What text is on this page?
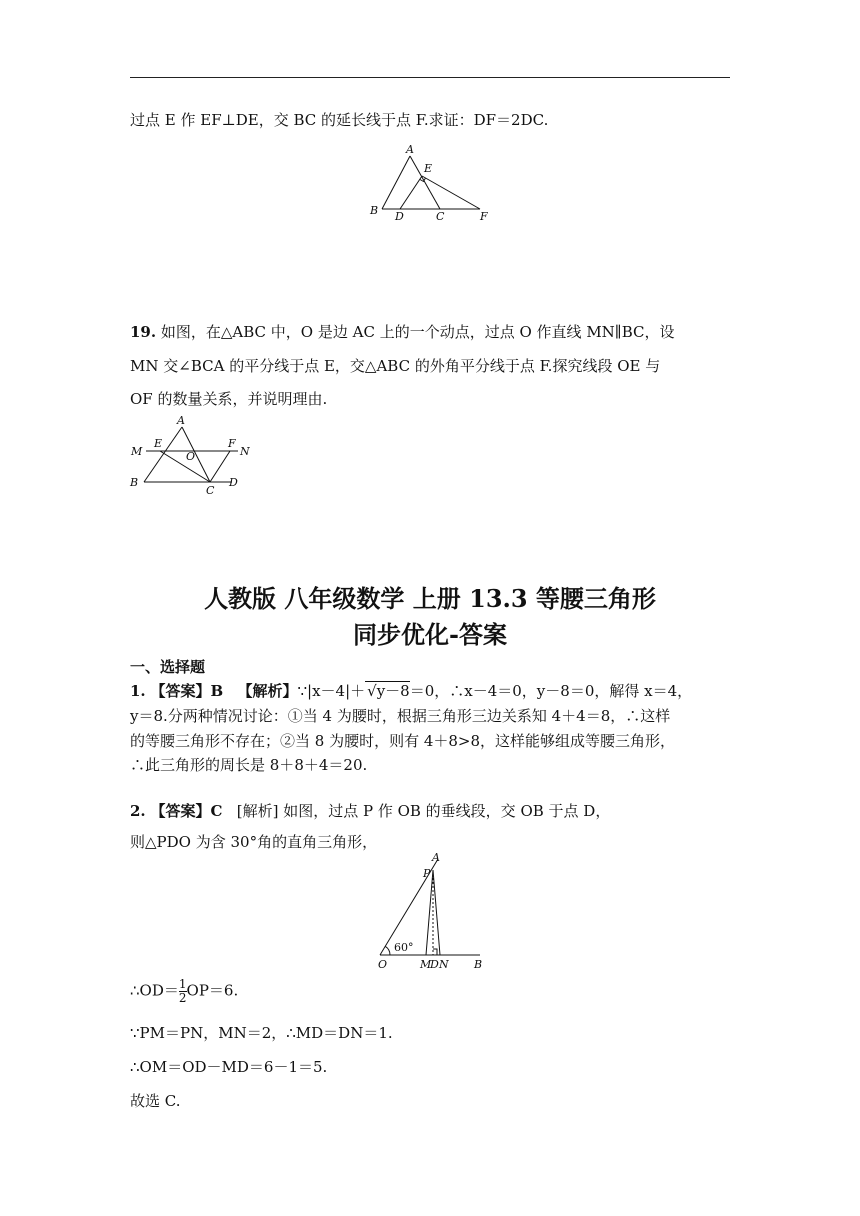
过点 E 作 EF⊥DE，交 BC 的延长线于点 F.求证：DF＝2DC.

A
E
B D	C	F

19. 如图，在△ABC 中，O 是边 AC 上的一个动点，过点 O 作直线 MN∥BC，设

MN 交∠BCA 的平分线于点 E，交△ABC 的外角平分线于点 F.探究线段 OE 与

OF 的数量关系，并说明理由.

A
M
E
O
F
N
B
C
D

人教版 八年级数学 上册 13.3 等腰三角形

同步优化-答案

一、选择题

1. 【答案】B 【解析】∵|x－4|＋ √y－8＝0，∴x－4＝0，y－8＝0，解得 x＝4，

y＝8.分两种情况讨论：①当 4 为腰时，根据三角形三边关系知 4＋4＝8，∴这样

的等腰三角形不存在；②当 8 为腰时，则有 4＋8>8，这样能够组成等腰三角形，

∴此三角形的周长是 8＋8＋4＝20.

2. 【答案】C [解析] 如图，过点 P 作 OB 的垂线段，交 OB 于点 D，

则△PDO 为含 30°角的直角三角形，

A
P
60°
O	M
D N B

∴OD＝ $\frac{1}{2} OP=6$.

∵PM＝PN，MN＝2，∴MD＝DN＝1.

∴OM＝OD－MD＝6－1＝5.

故选 C.
